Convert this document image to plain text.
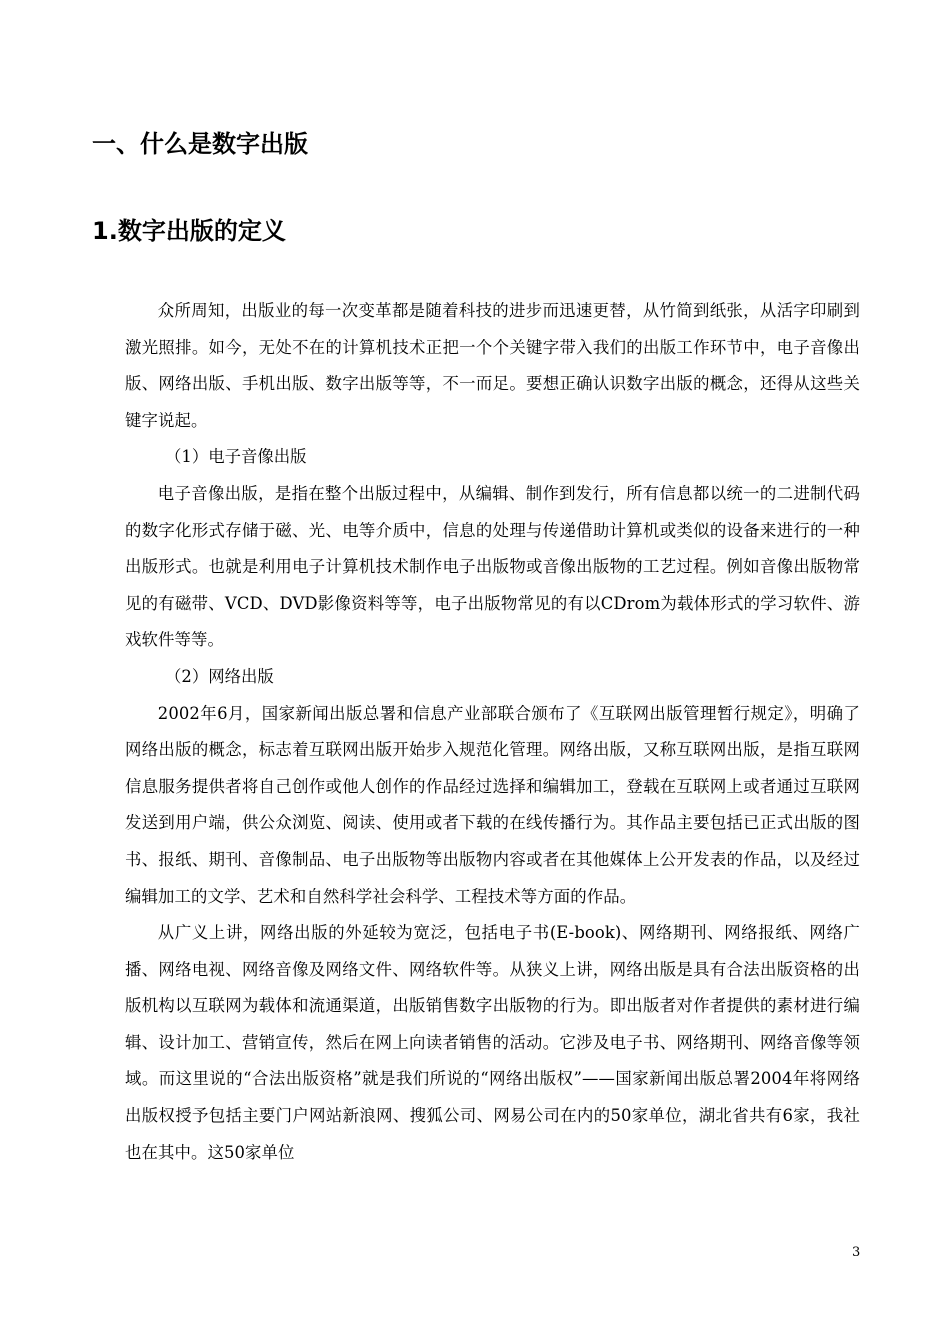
一、什么是数字出版
1.数字出版的定义

众所周知，出版业的每一次变革都是随着科技的进步而迅速更替，从竹简到纸张，从活字印刷到激光照排。如今，无处不在的计算机技术正把一个个关键字带入我们的出版工作环节中，电子音像出版、网络出版、手机出版、数字出版等等，不一而足。要想正确认识数字出版的概念，还得从这些关键字说起。

（1）电子音像出版

电子音像出版，是指在整个出版过程中，从编辑、制作到发行，所有信息都以统一的二进制代码的数字化形式存储于磁、光、电等介质中，信息的处理与传递借助计算机或类似的设备来进行的一种出版形式。也就是利用电子计算机技术制作电子出版物或音像出版物的工艺过程。例如音像出版物常见的有磁带、VCD、DVD影像资料等等，电子出版物常见的有以CDrom为载体形式的学习软件、游戏软件等等。

（2）网络出版

2002年6月，国家新闻出版总署和信息产业部联合颁布了《互联网出版管理暂行规定》，明确了网络出版的概念，标志着互联网出版开始步入规范化管理。网络出版，又称互联网出版，是指互联网信息服务提供者将自己创作或他人创作的作品经过选择和编辑加工，登载在互联网上或者通过互联网发送到用户端，供公众浏览、阅读、使用或者下载的在线传播行为。其作品主要包括已正式出版的图书、报纸、期刊、音像制品、电子出版物等出版物内容或者在其他媒体上公开发表的作品，以及经过编辑加工的文学、艺术和自然科学社会科学、工程技术等方面的作品。

从广义上讲，网络出版的外延较为宽泛，包括电子书(E-book)、网络期刊、网络报纸、网络广播、网络电视、网络音像及网络文件、网络软件等。从狭义上讲，网络出版是具有合法出版资格的出版机构以互联网为载体和流通渠道，出版销售数字出版物的行为。即出版者对作者提供的素材进行编辑、设计加工、营销宣传，然后在网上向读者销售的活动。它涉及电子书、网络期刊、网络音像等领域。而这里说的“合法出版资格”就是我们所说的“网络出版权”——国家新闻出版总署2004年将网络出版权授予包括主要门户网站新浪网、搜狐公司、网易公司在内的50家单位，湖北省共有6家，我社也在其中。这50家单位

3
